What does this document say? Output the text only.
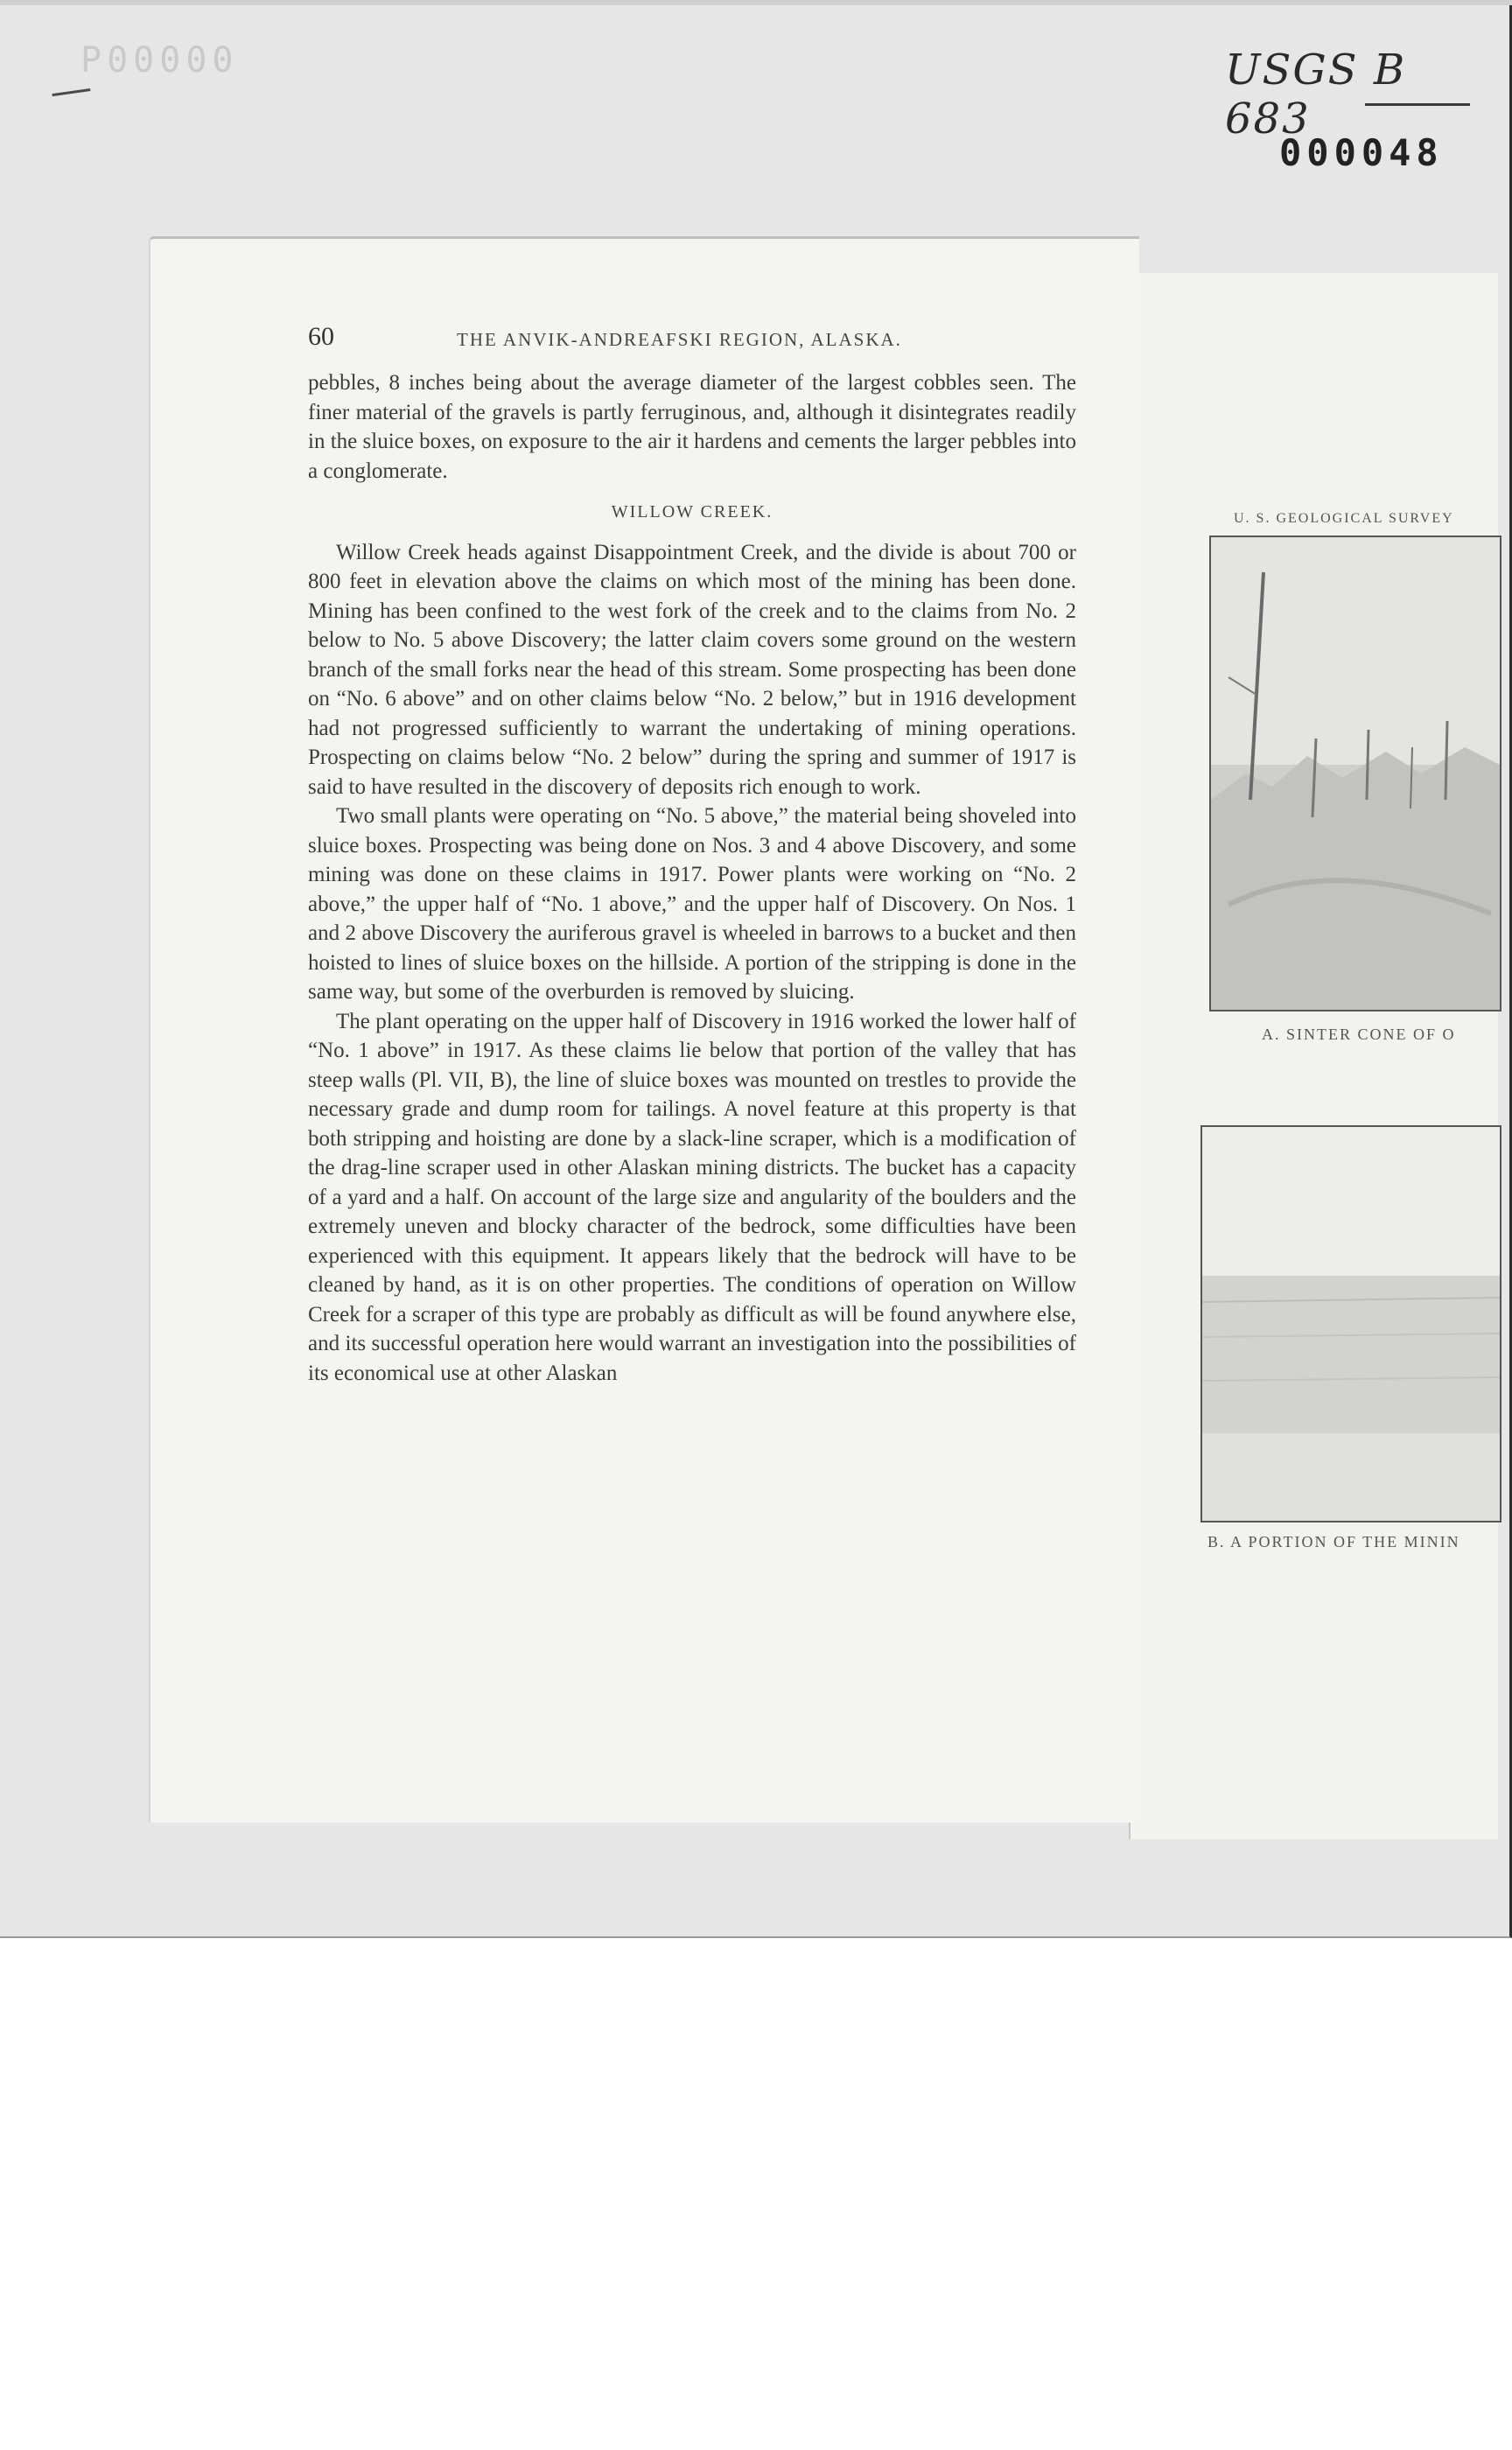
P00000	USGS B 683
000048
U. S. GEOLOGICAL SURVEY
A. SINTER CONE OF O
B. A PORTION OF THE MININ
60	THE ANVIK-ANDREAFSKI REGION, ALASKA.

pebbles, 8 inches being about the average diameter of the largest cobbles seen. The finer material of the gravels is partly ferruginous, and, although it disintegrates readily in the sluice boxes, on exposure to the air it hardens and cements the larger pebbles into a conglomerate.

WILLOW CREEK.

Willow Creek heads against Disappointment Creek, and the divide is about 700 or 800 feet in elevation above the claims on which most of the mining has been done. Mining has been confined to the west fork of the creek and to the claims from No. 2 below to No. 5 above Discovery; the latter claim covers some ground on the western branch of the small forks near the head of this stream. Some prospecting has been done on “No. 6 above” and on other claims below “No. 2 below,” but in 1916 development had not progressed sufficiently to warrant the undertaking of mining operations. Prospecting on claims below “No. 2 below” during the spring and summer of 1917 is said to have resulted in the discovery of deposits rich enough to work.

Two small plants were operating on “No. 5 above,” the material being shoveled into sluice boxes. Prospecting was being done on Nos. 3 and 4 above Discovery, and some mining was done on these claims in 1917. Power plants were working on “No. 2 above,” the upper half of “No. 1 above,” and the upper half of Discovery. On Nos. 1 and 2 above Discovery the auriferous gravel is wheeled in barrows to a bucket and then hoisted to lines of sluice boxes on the hillside. A portion of the stripping is done in the same way, but some of the overburden is removed by sluicing.

The plant operating on the upper half of Discovery in 1916 worked the lower half of “No. 1 above” in 1917. As these claims lie below that portion of the valley that has steep walls (Pl. VII, B), the line of sluice boxes was mounted on trestles to provide the necessary grade and dump room for tailings. A novel feature at this property is that both stripping and hoisting are done by a slack-line scraper, which is a modification of the drag-line scraper used in other Alaskan mining districts. The bucket has a capacity of a yard and a half. On account of the large size and angularity of the boulders and the extremely uneven and blocky character of the bedrock, some difficulties have been experienced with this equipment. It appears likely that the bedrock will have to be cleaned by hand, as it is on other properties. The conditions of operation on Willow Creek for a scraper of this type are probably as difficult as will be found anywhere else, and its successful operation here would warrant an investigation into the possibilities of its economical use at other Alaskan
